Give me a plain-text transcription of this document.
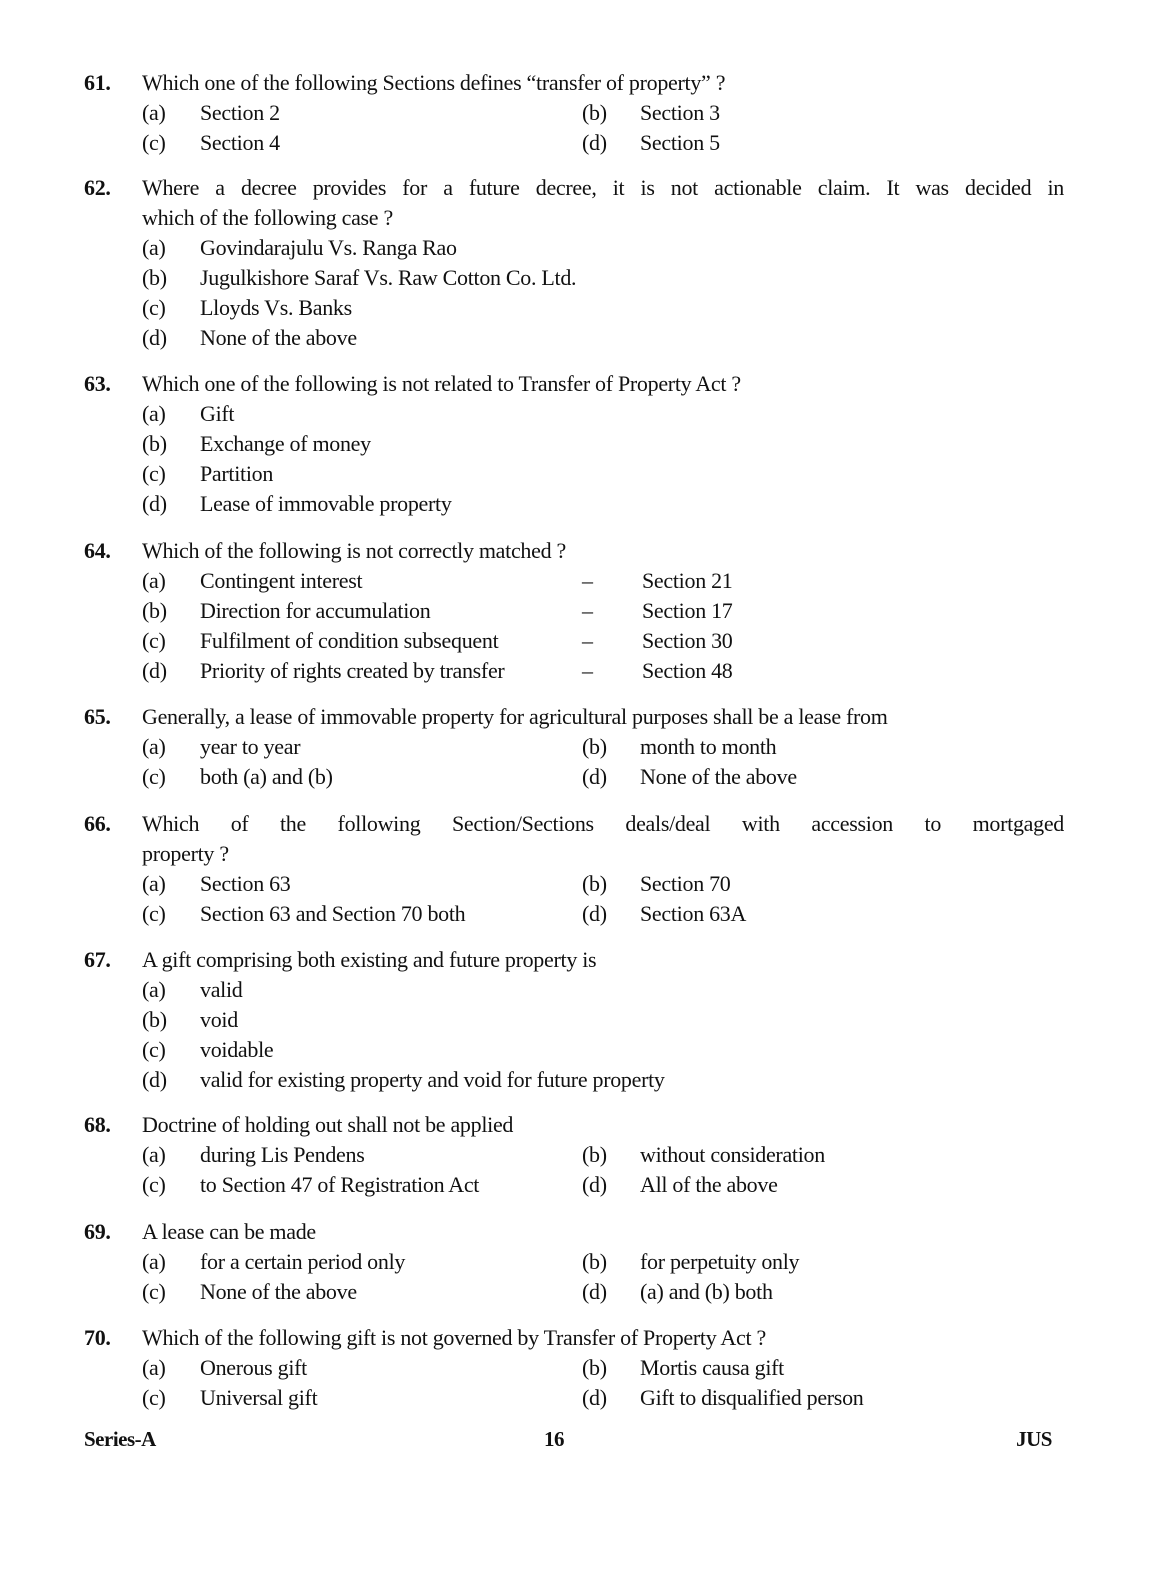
61.	Which one of the following Sections defines “transfer of property” ?
(a)	Section 2	(b)	Section 3
(c)	Section 4	(d)	Section 5
62.	Where a decree provides for a future decree, it is not actionable claim. It was decided in
which of the following case ?
(a)	Govindarajulu Vs. Ranga Rao
(b)	Jugulkishore Saraf Vs. Raw Cotton Co. Ltd.
(c)	Lloyds Vs. Banks
(d)	None of the above
63.	Which one of the following is not related to Transfer of Property Act ?
(a)	Gift
(b)	Exchange of money
(c)	Partition
(d)	Lease of immovable property
64.	Which of the following is not correctly matched ?
(a)	Contingent interest	–	Section 21
(b)	Direction for accumulation	–	Section 17
(c)	Fulfilment of condition subsequent	–	Section 30
(d)	Priority of rights created by transfer	–	Section 48
65.	Generally, a lease of immovable property for agricultural purposes shall be a lease from
(a)	year to year	(b)	month to month
(c)	both (a) and (b)	(d)	None of the above
66.	Which of the following Section/Sections deals/deal with accession to mortgaged
property ?
(a)	Section 63	(b)	Section 70
(c)	Section 63 and Section 70 both	(d)	Section 63A
67.	A gift comprising both existing and future property is
(a)	valid
(b)	void
(c)	voidable
(d)	valid for existing property and void for future property
68.	Doctrine of holding out shall not be applied
(a)	during Lis Pendens	(b)	without consideration
(c)	to Section 47 of Registration Act	(d)	All of the above
69.	A lease can be made
(a)	for a certain period only	(b)	for perpetuity only
(c)	None of the above	(d)	(a) and (b) both
70.	Which of the following gift is not governed by Transfer of Property Act ?
(a)	Onerous gift	(b)	Mortis causa gift
(c)	Universal gift	(d)	Gift to disqualified person
Series-A	16	JUS
